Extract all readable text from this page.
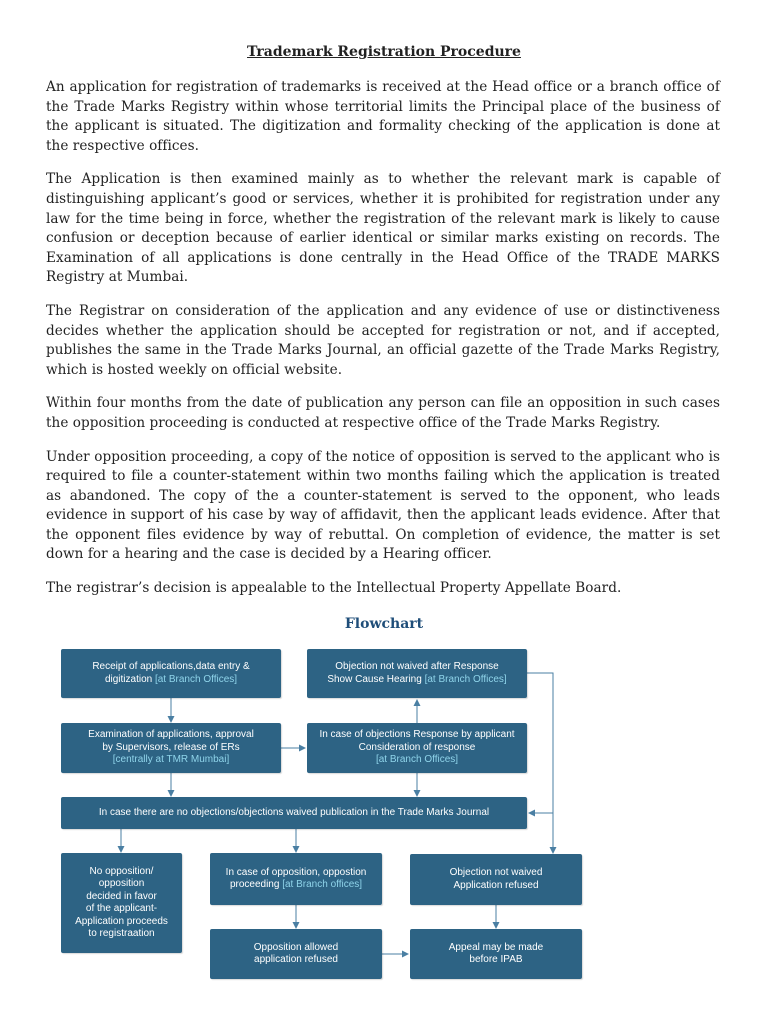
Trademark Registration Procedure

An application for registration of trademarks is received at the Head office or a branch office of the Trade Marks Registry within whose territorial limits the Principal place of the business of the applicant is situated. The digitization and formality checking of the application is done at the respective offices.

The Application is then examined mainly as to whether the relevant mark is capable of distinguishing applicant’s good or services, whether it is prohibited for registration under any law for the time being in force, whether the registration of the relevant mark is likely to cause confusion or deception because of earlier identical or similar marks existing on records. The Examination of all applications is done centrally in the Head Office of the TRADE MARKS Registry at Mumbai.

The Registrar on consideration of the application and any evidence of use or distinctiveness decides whether the application should be accepted for registration or not, and if accepted, publishes the same in the Trade Marks Journal, an official gazette of the Trade Marks Registry, which is hosted weekly on official website.

Within four months from the date of publication any person can file an opposition in such cases the opposition proceeding is conducted at respective office of the Trade Marks Registry.

Under opposition proceeding, a copy of the notice of opposition is served to the applicant who is required to file a counter-statement within two months failing which the application is treated as abandoned. The copy of the a counter-statement is served to the opponent, who leads evidence in support of his case by way of affidavit, then the applicant leads evidence. After that the opponent files evidence by way of rebuttal. On completion of evidence, the matter is set down for a hearing and the case is decided by a Hearing officer.

The registrar’s decision is appealable to the Intellectual Property Appellate Board.

Flowchart
Receipt of applications,data entry &
digitization [at Branch Offices]
Objection not waived after Response
Show Cause Hearing [at Branch Offices]
Examination of applications, approval
by Supervisors, release of ERs
[centrally at TMR Mumbai]
In case of objections Response by applicant
Consideration of response
[at Branch Offices]
In case there are no objections/objections waived publication in the Trade Marks Journal
No opposition/
opposition
decided in favor
of the applicant-
Application proceeds
to registraation
In case of opposition, oppostion
proceeding [at Branch offices]
Objection not waived
Application refused
Opposition allowed
application refused
Appeal may be made
before IPAB
